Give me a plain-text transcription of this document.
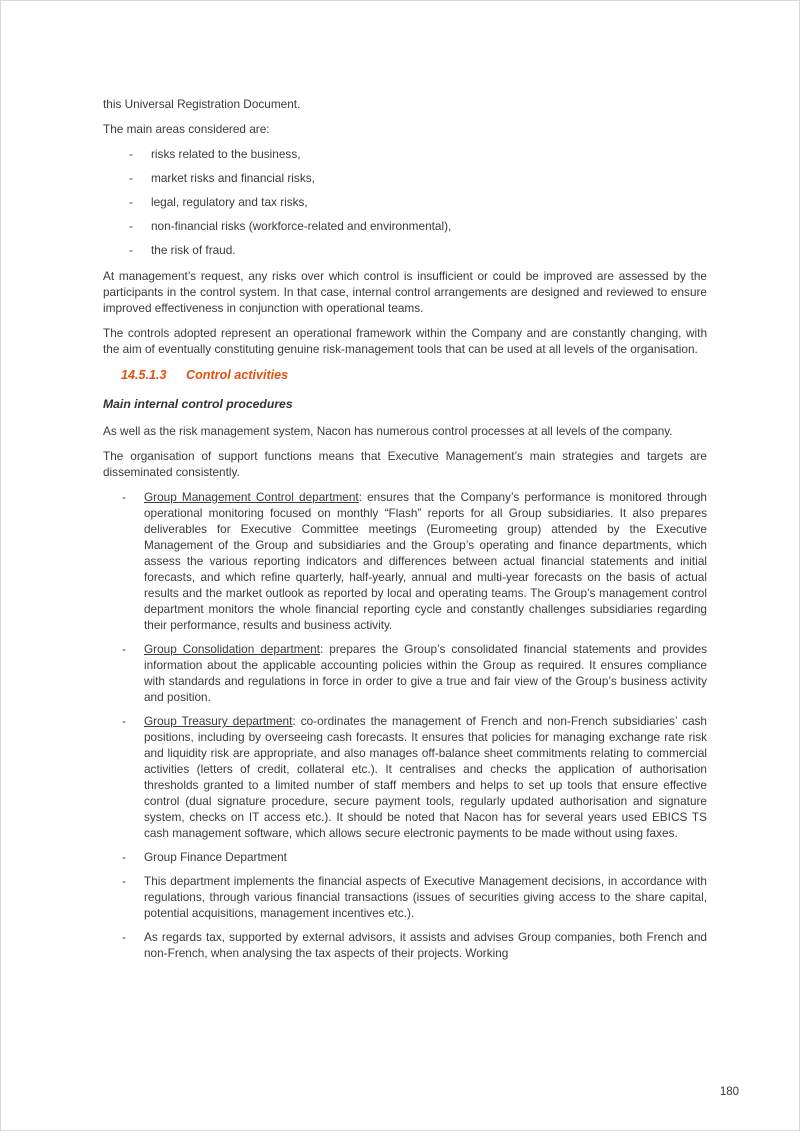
this Universal Registration Document.

The main areas considered are:

-	risks related to the business,
-	market risks and financial risks,
-	legal, regulatory and tax risks,
-	non-financial risks (workforce-related and environmental),
-	the risk of fraud.

At management’s request, any risks over which control is insufficient or could be improved are assessed by the participants in the control system. In that case, internal control arrangements are designed and reviewed to ensure improved effectiveness in conjunction with operational teams.

The controls adopted represent an operational framework within the Company and are constantly changing, with the aim of eventually constituting genuine risk-management tools that can be used at all levels of the organisation.

14.5.1.3	Control activities
Main internal control procedures

As well as the risk management system, Nacon has numerous control processes at all levels of the company.

The organisation of support functions means that Executive Management’s main strategies and targets are disseminated consistently.

-	Group Management Control department: ensures that the Company’s performance is monitored through operational monitoring focused on monthly “Flash” reports for all Group subsidiaries. It also prepares deliverables for Executive Committee meetings (Euromeeting group) attended by the Executive Management of the Group and subsidiaries and the Group’s operating and finance departments, which assess the various reporting indicators and differences between actual financial statements and initial forecasts, and which refine quarterly, half-yearly, annual and multi-year forecasts on the basis of actual results and the market outlook as reported by local and operating teams. The Group’s management control department monitors the whole financial reporting cycle and constantly challenges subsidiaries regarding their performance, results and business activity.
-	Group Consolidation department: prepares the Group’s consolidated financial statements and provides information about the applicable accounting policies within the Group as required. It ensures compliance with standards and regulations in force in order to give a true and fair view of the Group’s business activity and position.
-	Group Treasury department: co-ordinates the management of French and non-French subsidiaries’ cash positions, including by overseeing cash forecasts. It ensures that policies for managing exchange rate risk and liquidity risk are appropriate, and also manages off-balance sheet commitments relating to commercial activities (letters of credit, collateral etc.). It centralises and checks the application of authorisation thresholds granted to a limited number of staff members and helps to set up tools that ensure effective control (dual signature procedure, secure payment tools, regularly updated authorisation and signature system, checks on IT access etc.). It should be noted that Nacon has for several years used EBICS TS cash management software, which allows secure electronic payments to be made without using faxes.
-	Group Finance Department
-	This department implements the financial aspects of Executive Management decisions, in accordance with regulations, through various financial transactions (issues of securities giving access to the share capital, potential acquisitions, management incentives etc.).
-	As regards tax, supported by external advisors, it assists and advises Group companies, both French and non-French, when analysing the tax aspects of their projects. Working
180
